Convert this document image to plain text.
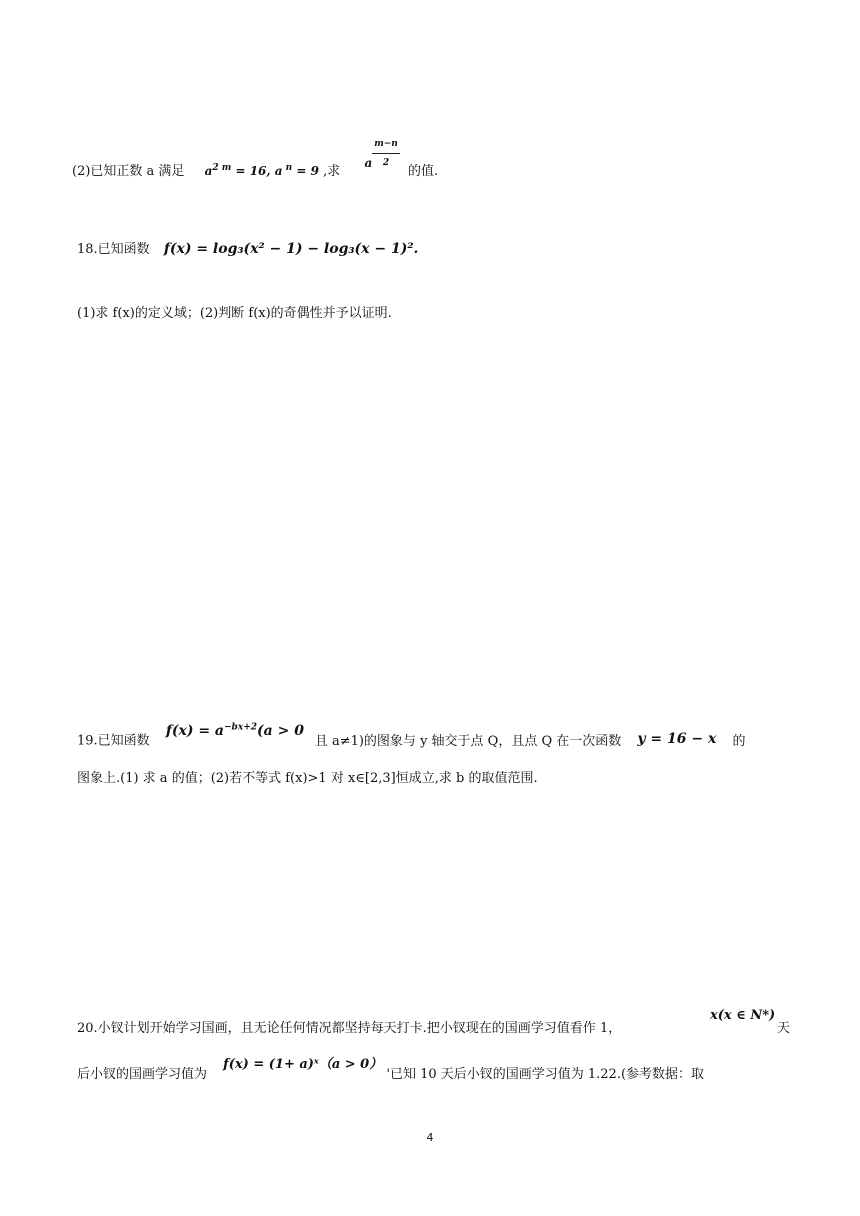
(2)已知正数 a 满足 $a^{2 m} = 16$, a $^n$ = 9 ,求 a $\frac{m-n}{2}$ 的值.
18.已知函数 f(x) = log₃(x² − 1) − log₃(x − 1)².
(1)求 f(x)的定义域；(2)判断 f(x)的奇偶性并予以证明.
19.已知函数 $f(x) = a^{-bx+2}(a > 0$ 且 a≠1)的图象与 y 轴交于点 Q，且点 Q 在一次函数 y = 16 − x 的
图象上.(1) 求 a 的值；(2)若不等式 f(x)>1 对 x∈[2,3]恒成立,求 b 的取值范围.
20.小钗计划开始学习国画，且无论任何情况都坚持每天打卡.把小钗现在的国画学习值看作 1，
x(x ∈ N*)
天
后小钗的国画学习值为 f(x) = (1+ a)ˣ（a > 0） '已知 10 天后小钗的国画学习值为 1.22.(参考数据：取
4
